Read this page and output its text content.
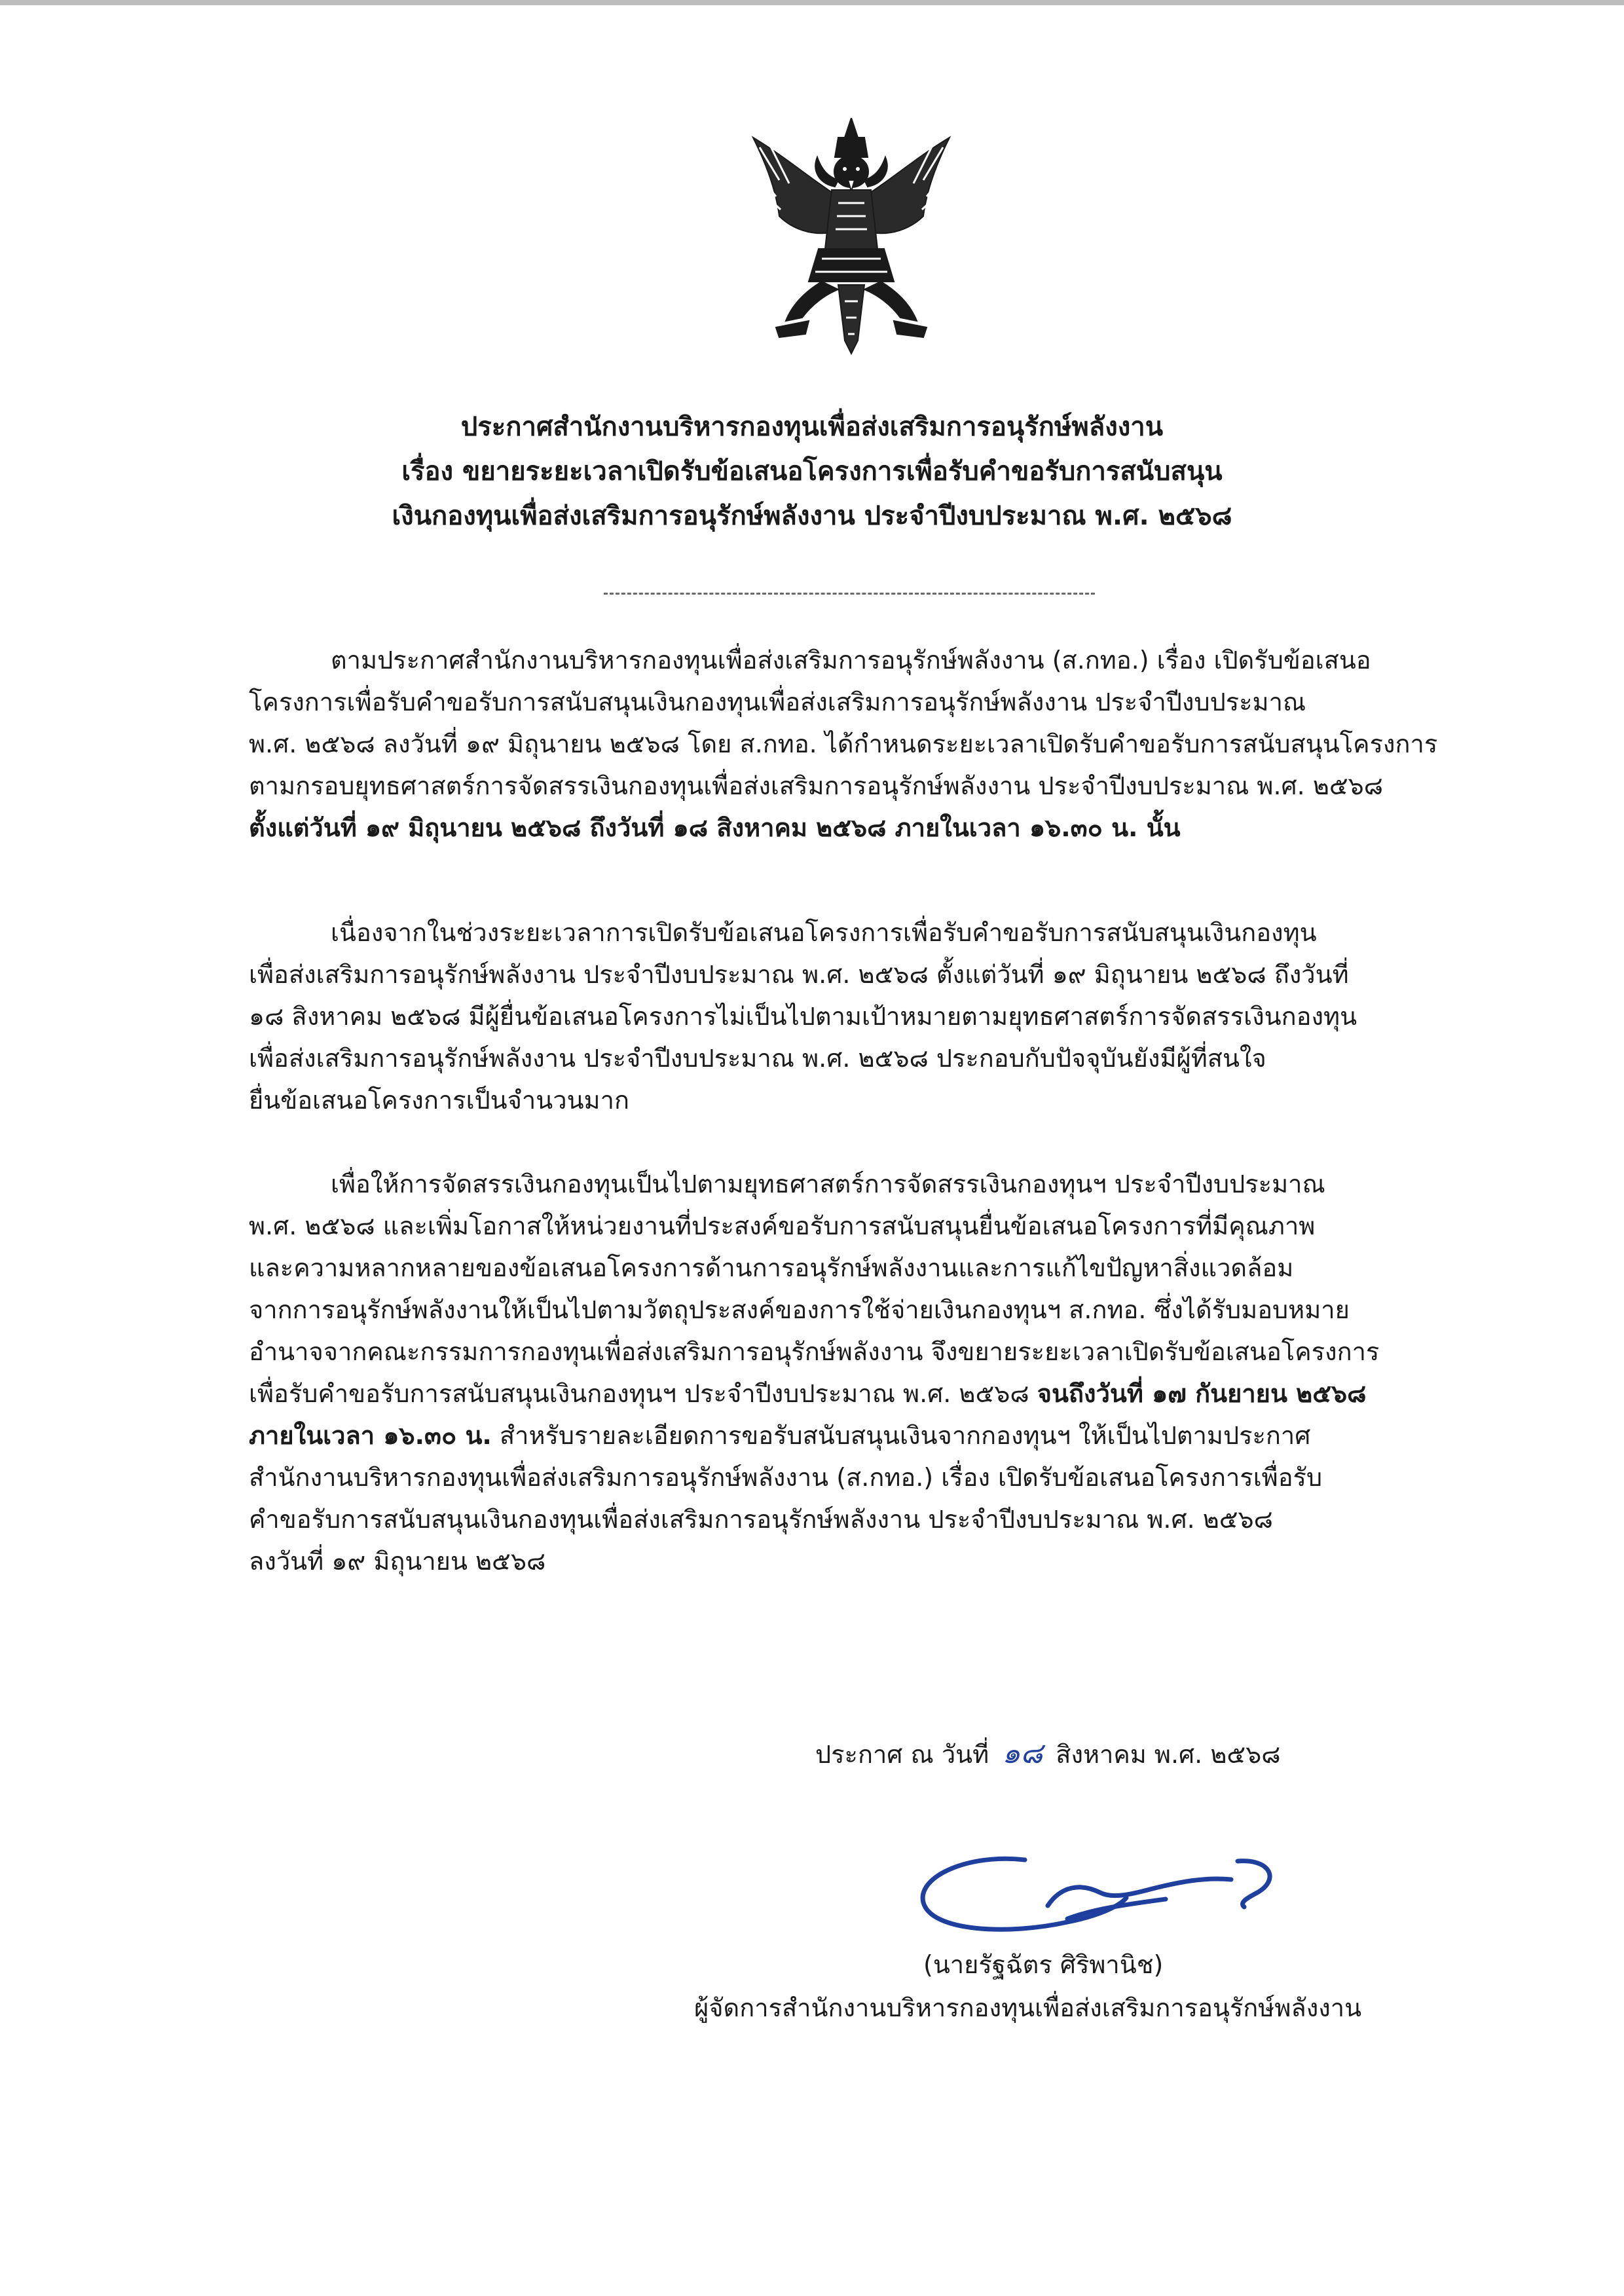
ประกาศสำนักงานบริหารกองทุนเพื่อส่งเสริมการอนุรักษ์พลังงาน
เรื่อง ขยายระยะเวลาเปิดรับข้อเสนอโครงการเพื่อรับคำขอรับการสนับสนุน
เงินกองทุนเพื่อส่งเสริมการอนุรักษ์พลังงาน ประจำปีงบประมาณ พ.ศ. ๒๕๖๘
ตามประกาศสำนักงานบริหารกองทุนเพื่อส่งเสริมการอนุรักษ์พลังงาน (ส.กทอ.) เรื่อง เปิดรับข้อเสนอ
โครงการเพื่อรับคำขอรับการสนับสนุนเงินกองทุนเพื่อส่งเสริมการอนุรักษ์พลังงาน ประจำปีงบประมาณ
พ.ศ. ๒๕๖๘ ลงวันที่ ๑๙ มิถุนายน ๒๕๖๘ โดย ส.กทอ. ได้กำหนดระยะเวลาเปิดรับคำขอรับการสนับสนุนโครงการ
ตามกรอบยุทธศาสตร์การจัดสรรเงินกองทุนเพื่อส่งเสริมการอนุรักษ์พลังงาน ประจำปีงบประมาณ พ.ศ. ๒๕๖๘
ตั้งแต่วันที่ ๑๙ มิถุนายน ๒๕๖๘ ถึงวันที่ ๑๘ สิงหาคม ๒๕๖๘ ภายในเวลา ๑๖.๓๐ น. นั้น
เนื่องจากในช่วงระยะเวลาการเปิดรับข้อเสนอโครงการเพื่อรับคำขอรับการสนับสนุนเงินกองทุน
เพื่อส่งเสริมการอนุรักษ์พลังงาน ประจำปีงบประมาณ พ.ศ. ๒๕๖๘ ตั้งแต่วันที่ ๑๙ มิถุนายน ๒๕๖๘ ถึงวันที่
๑๘ สิงหาคม ๒๕๖๘ มีผู้ยื่นข้อเสนอโครงการไม่เป็นไปตามเป้าหมายตามยุทธศาสตร์การจัดสรรเงินกองทุน
เพื่อส่งเสริมการอนุรักษ์พลังงาน ประจำปีงบประมาณ พ.ศ. ๒๕๖๘ ประกอบกับปัจจุบันยังมีผู้ที่สนใจ
ยื่นข้อเสนอโครงการเป็นจำนวนมาก
เพื่อให้การจัดสรรเงินกองทุนเป็นไปตามยุทธศาสตร์การจัดสรรเงินกองทุนฯ ประจำปีงบประมาณ
พ.ศ. ๒๕๖๘ และเพิ่มโอกาสให้หน่วยงานที่ประสงค์ขอรับการสนับสนุนยื่นข้อเสนอโครงการที่มีคุณภาพ
และความหลากหลายของข้อเสนอโครงการด้านการอนุรักษ์พลังงานและการแก้ไขปัญหาสิ่งแวดล้อม
จากการอนุรักษ์พลังงานให้เป็นไปตามวัตถุประสงค์ของการใช้จ่ายเงินกองทุนฯ ส.กทอ. ซึ่งได้รับมอบหมาย
อำนาจจากคณะกรรมการกองทุนเพื่อส่งเสริมการอนุรักษ์พลังงาน จึงขยายระยะเวลาเปิดรับข้อเสนอโครงการ
เพื่อรับคำขอรับการสนับสนุนเงินกองทุนฯ ประจำปีงบประมาณ พ.ศ. ๒๕๖๘ จนถึงวันที่ ๑๗ กันยายน ๒๕๖๘
ภายในเวลา ๑๖.๓๐ น. สำหรับรายละเอียดการขอรับสนับสนุนเงินจากกองทุนฯ ให้เป็นไปตามประกาศ
สำนักงานบริหารกองทุนเพื่อส่งเสริมการอนุรักษ์พลังงาน (ส.กทอ.) เรื่อง เปิดรับข้อเสนอโครงการเพื่อรับ
คำขอรับการสนับสนุนเงินกองทุนเพื่อส่งเสริมการอนุรักษ์พลังงาน ประจำปีงบประมาณ พ.ศ. ๒๕๖๘
ลงวันที่ ๑๙ มิถุนายน ๒๕๖๘
ประกาศ ณ วันที่ ๑๘ สิงหาคม พ.ศ. ๒๕๖๘
(นายรัฐฉัตร ศิริพานิช)
ผู้จัดการสำนักงานบริหารกองทุนเพื่อส่งเสริมการอนุรักษ์พลังงาน
